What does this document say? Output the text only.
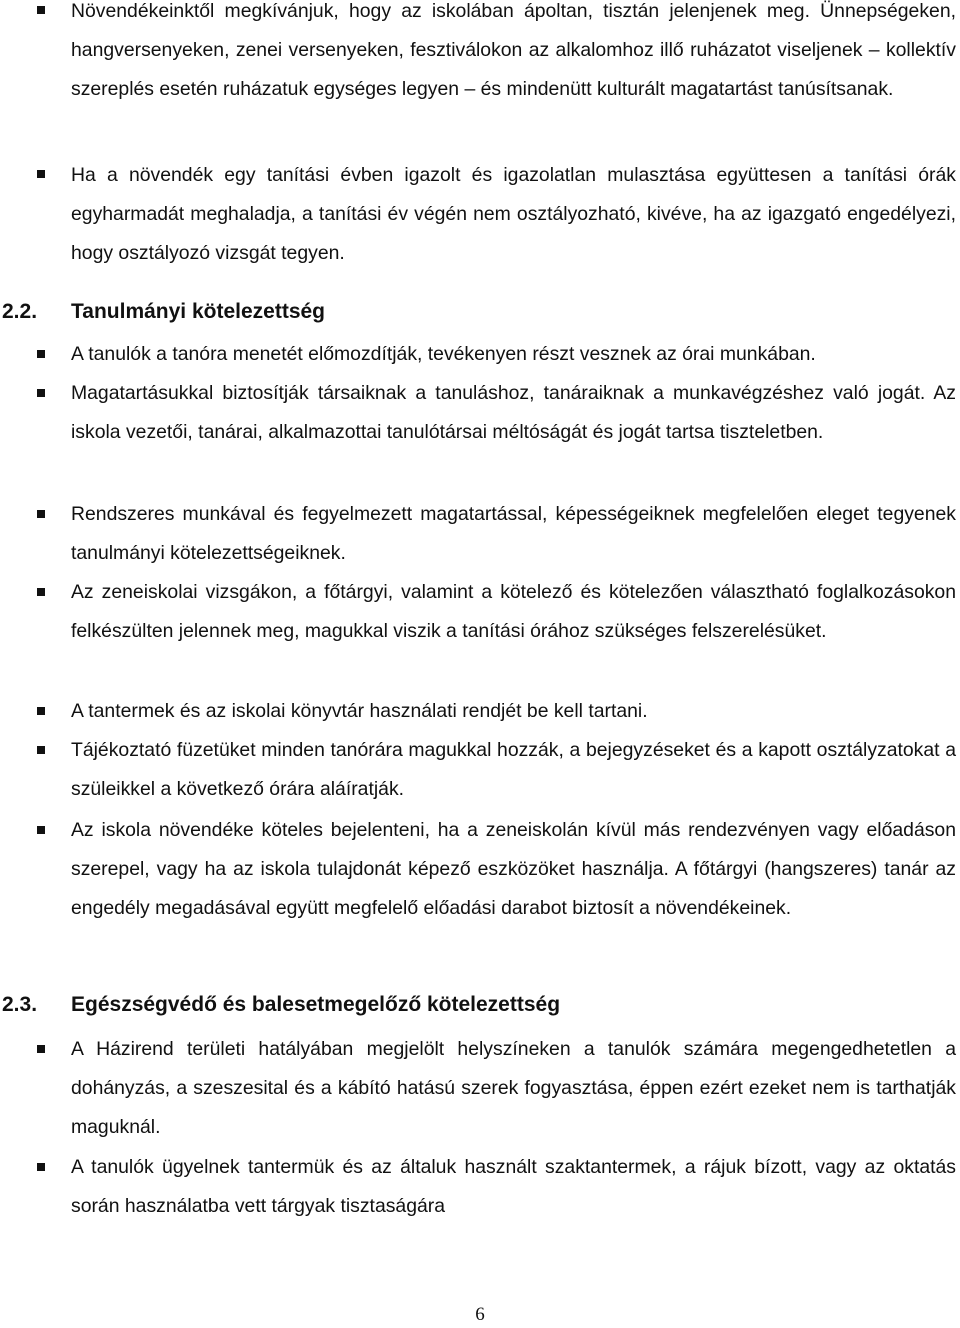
Növendékeinktől megkívánjuk, hogy az iskolában ápoltan, tisztán jelenjenek meg. Ünnepségeken, hangversenyeken, zenei versenyeken, fesztiválokon az alkalomhoz illő ruházatot viseljenek – kollektív szereplés esetén ruházatuk egységes legyen – és mindenütt kulturált magatartást tanúsítsanak.

Ha a növendék egy tanítási évben igazolt és igazolatlan mulasztása együttesen a tanítási órák egyharmadát meghaladja, a tanítási év végén nem osztályozható, kivéve, ha az igazgató engedélyezi, hogy osztályozó vizsgát tegyen.

2.2. Tanulmányi kötelezettség

A tanulók a tanóra menetét előmozdítják, tevékenyen részt vesznek az órai munkában.

Magatartásukkal biztosítják társaiknak a tanuláshoz, tanáraiknak a munkavégzéshez való jogát. Az iskola vezetői, tanárai, alkalmazottai tanulótársai méltóságát és jogát tartsa tiszteletben.

Rendszeres munkával és fegyelmezett magatartással, képességeiknek megfelelően eleget tegyenek tanulmányi kötelezettségeiknek.

Az zeneiskolai vizsgákon, a főtárgyi, valamint a kötelező és kötelezően választható foglalkozásokon felkészülten jelennek meg, magukkal viszik a tanítási órához szükséges felszerelésüket.

A tantermek és az iskolai könyvtár használati rendjét be kell tartani.

Tájékoztató füzetüket minden tanórára magukkal hozzák, a bejegyzéseket és a kapott osztályzatokat a szüleikkel a következő órára aláíratják.

Az iskola növendéke köteles bejelenteni, ha a zeneiskolán kívül más rendezvényen vagy előadáson szerepel, vagy ha az iskola tulajdonát képező eszközöket használja. A főtárgyi (hangszeres) tanár az engedély megadásával együtt megfelelő előadási darabot biztosít a növendékeinek.

2.3. Egészségvédő és balesetmegelőző kötelezettség

A Házirend területi hatályában megjelölt helyszíneken a tanulók számára megengedhetetlen a dohányzás, a szeszesital és a kábító hatású szerek fogyasztása, éppen ezért ezeket nem is tarthatják maguknál.

A tanulók ügyelnek tantermük és az általuk használt szaktantermek, a rájuk bízott, vagy az oktatás során használatba vett tárgyak tisztaságára

6
